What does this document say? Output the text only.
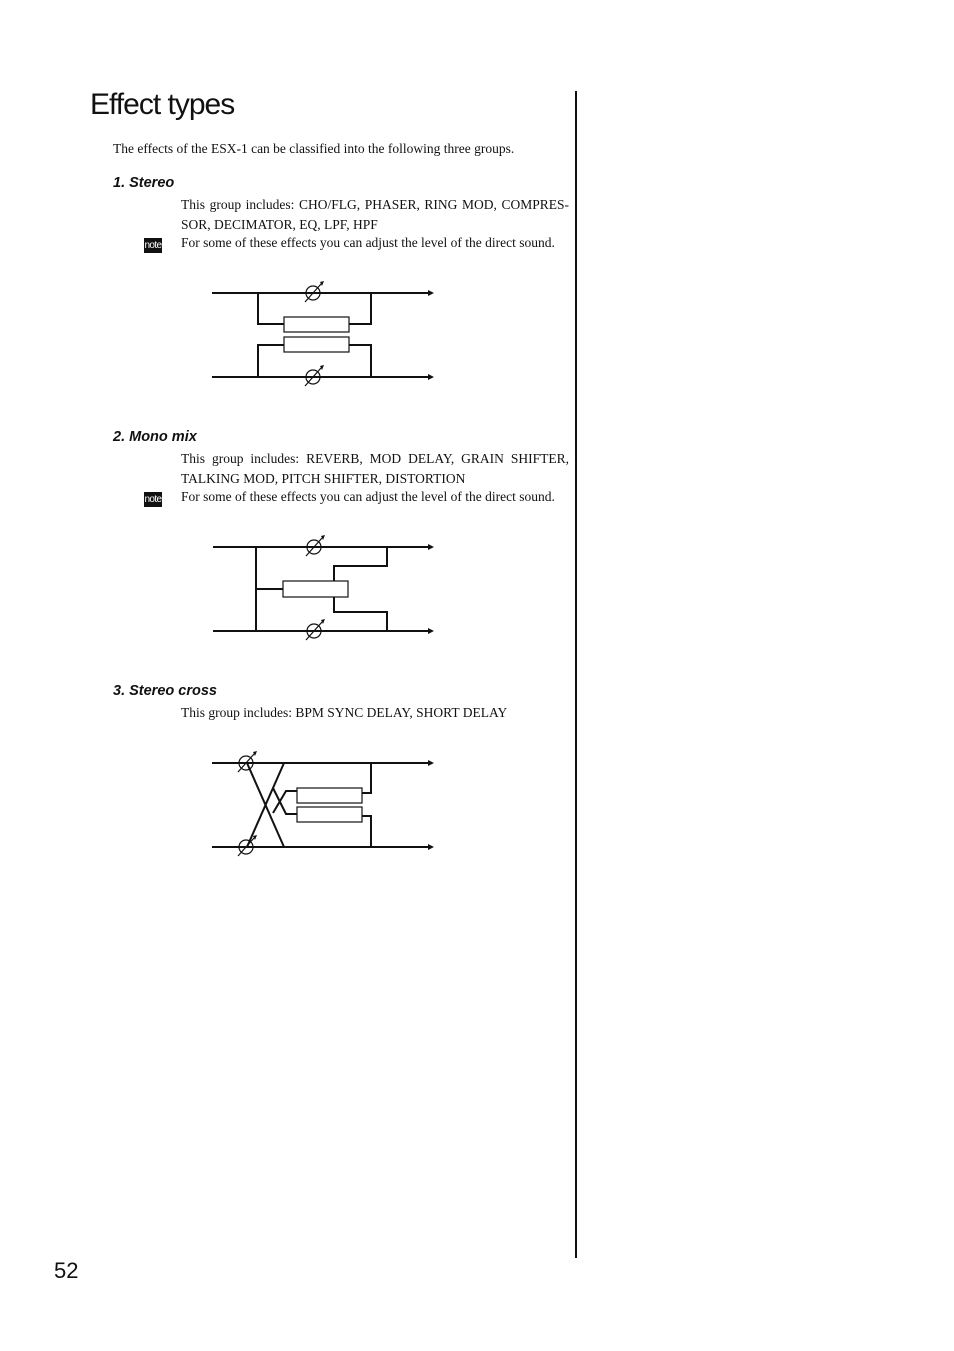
Effect types

The effects of the ESX-1 can be classified into the following three groups.

1. Stereo

This group includes: CHO/FLG, PHASER, RING MOD, COMPRES-SOR, DECIMATOR, EQ, LPF, HPF

note For some of these effects you can adjust the level of the direct sound.

2. Mono mix

This group includes: REVERB, MOD DELAY, GRAIN SHIFTER, TALKING MOD, PITCH SHIFTER, DISTORTION

note For some of these effects you can adjust the level of the direct sound.

3. Stereo cross

This group includes: BPM SYNC DELAY, SHORT DELAY

52
